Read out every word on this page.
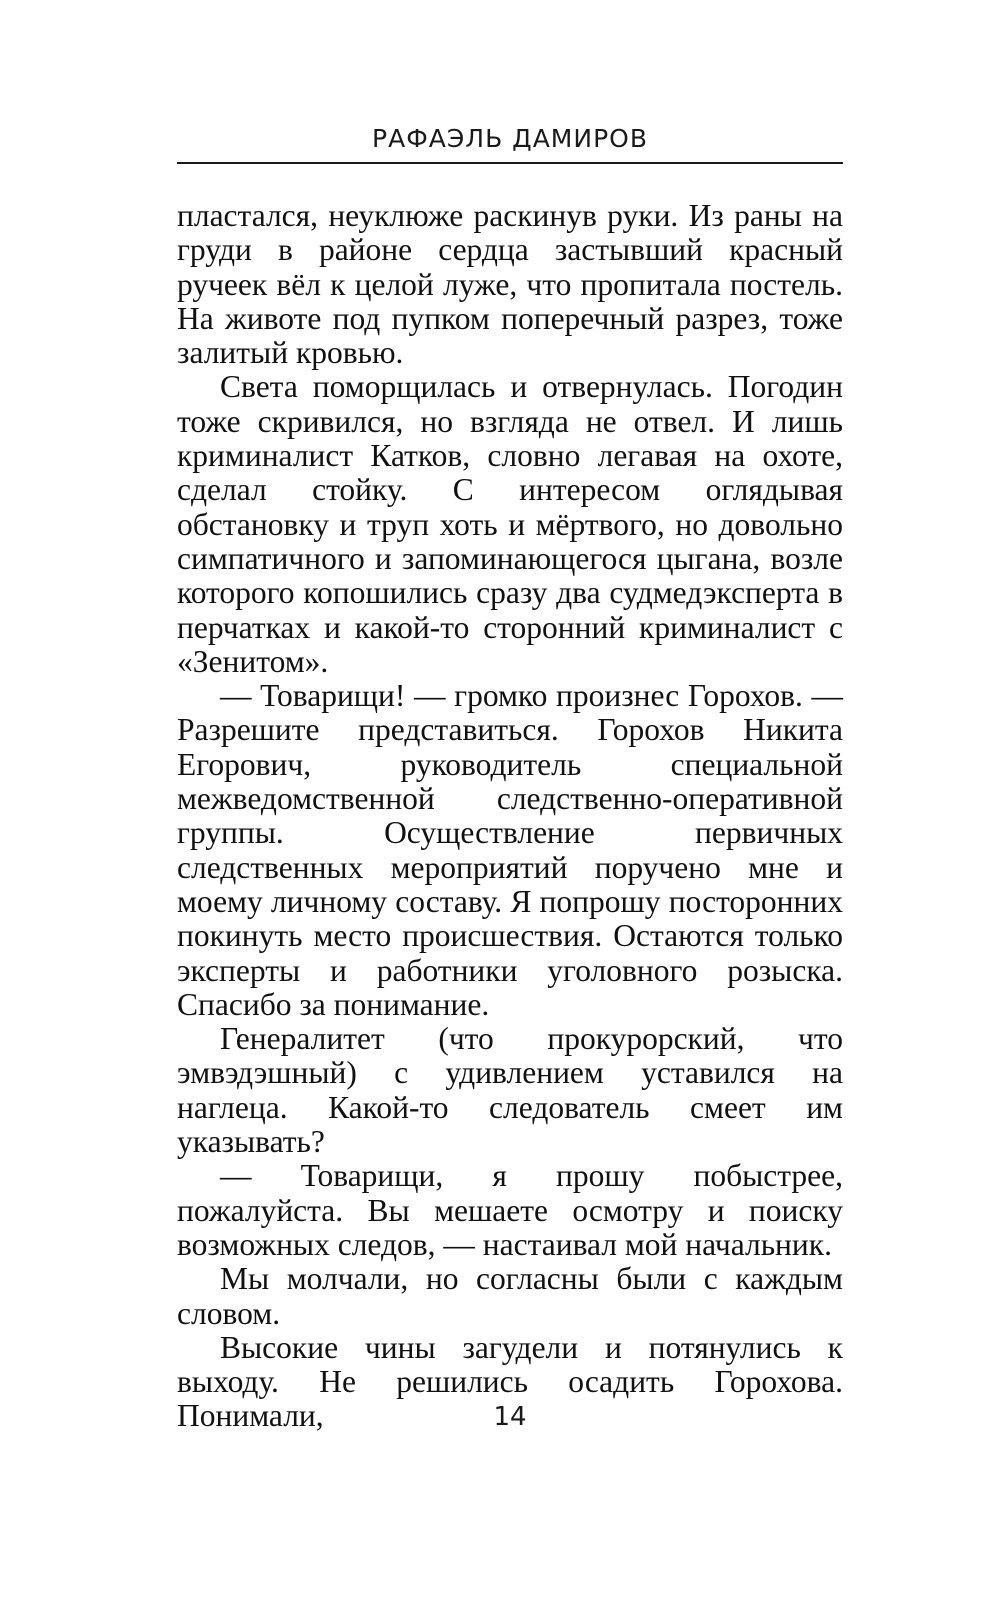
РАФАЭЛЬ ДАМИРОВ

пластался, неуклюже раскинув руки. Из раны на груди в районе сердца застывший красный ручеек вёл к целой луже, что пропитала постель. На животе под пупком поперечный разрез, тоже залитый кровью.

Света поморщилась и отвернулась. Погодин тоже скривился, но взгляда не отвел. И лишь криминалист Катков, словно легавая на охоте, сделал стойку. С интересом оглядывая обстановку и труп хоть и мёртвого, но довольно симпатичного и запоминающегося цыгана, возле которого копошились сразу два судмедэксперта в перчатках и какой-то сторонний криминалист с «Зенитом».

— Товарищи! — громко произнес Горохов. — Разрешите представиться. Горохов Никита Егорович, руководитель специальной межведомственной следственно-оперативной группы. Осуществление первичных следственных мероприятий поручено мне и моему личному составу. Я попрошу посторонних покинуть место происшествия. Остаются только эксперты и работники уголовного розыска. Спасибо за понимание.

Генералитет (что прокурорский, что эмвэдэшный) с удивлением уставился на наглеца. Какой-то следователь смеет им указывать?

— Товарищи, я прошу побыстрее, пожалуйста. Вы мешаете осмотру и поиску возможных следов, — настаивал мой начальник.

Мы молчали, но согласны были с каждым словом.

Высокие чины загудели и потянулись к выходу. Не решились осадить Горохова. Понимали,	14
